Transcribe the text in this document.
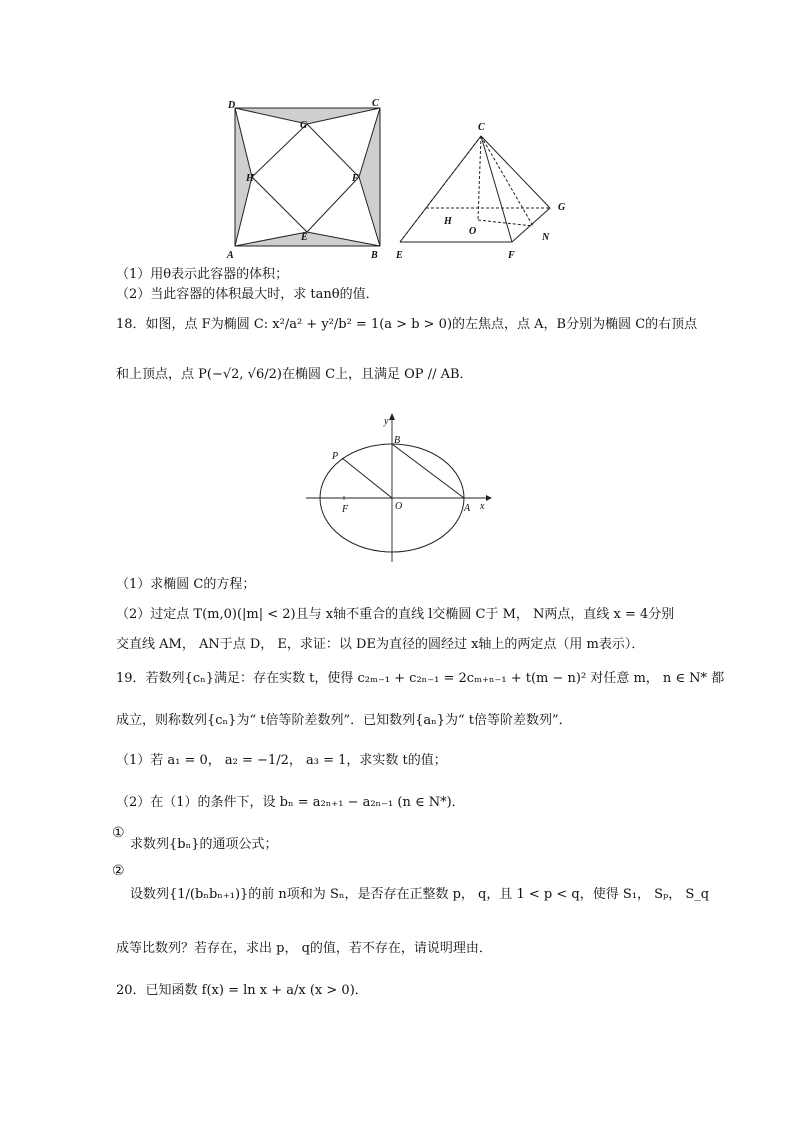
D	C
G
H	F
E
A	B
C
H
O
G
N
E	F
（1）用θ表示此容器的体积；
（2）当此容器的体积最大时，求 tanθ的值．
18．如图，点 F为椭圆 C: x²/a² + y²/b² = 1(a > b > 0)的左焦点，点 A，B分别为椭圆 C的右顶点
和上顶点，点 P(−√2, √6/2)在椭圆 C上，且满足 OP // AB．
y
x
B
P
O	A
F
（1）求椭圆 C的方程；
（2）过定点 T(m,0)(|m| < 2)且与 x轴不重合的直线 l交椭圆 C于 M， N两点，直线 x = 4分别
交直线 AM， AN于点 D， E，求证：以 DE为直径的圆经过 x轴上的两定点（用 m表示）．
19．若数列{cₙ}满足：存在实数 t，使得 c₂ₘ₋₁ + c₂ₙ₋₁ = 2cₘ₊ₙ₋₁ + t(m − n)² 对任意 m， n ∈ N* 都
成立，则称数列{cₙ}为“ t倍等阶差数列”．已知数列{aₙ}为“ t倍等阶差数列”．
（1）若 a₁ = 0， a₂ = −1/2， a₃ = 1，求实数 t的值；
（2）在（1）的条件下，设 bₙ = a₂ₙ₊₁ − a₂ₙ₋₁ (n ∈ N*)．
①
求数列{bₙ}的通项公式；
②
设数列{1/(bₙbₙ₊₁)}的前 n项和为 Sₙ，是否存在正整数 p， q，且 1 < p < q，使得 S₁， Sₚ， S_q
成等比数列？若存在，求出 p， q的值，若不存在，请说明理由．
20．已知函数 f(x) = ln x + a/x (x > 0)．
